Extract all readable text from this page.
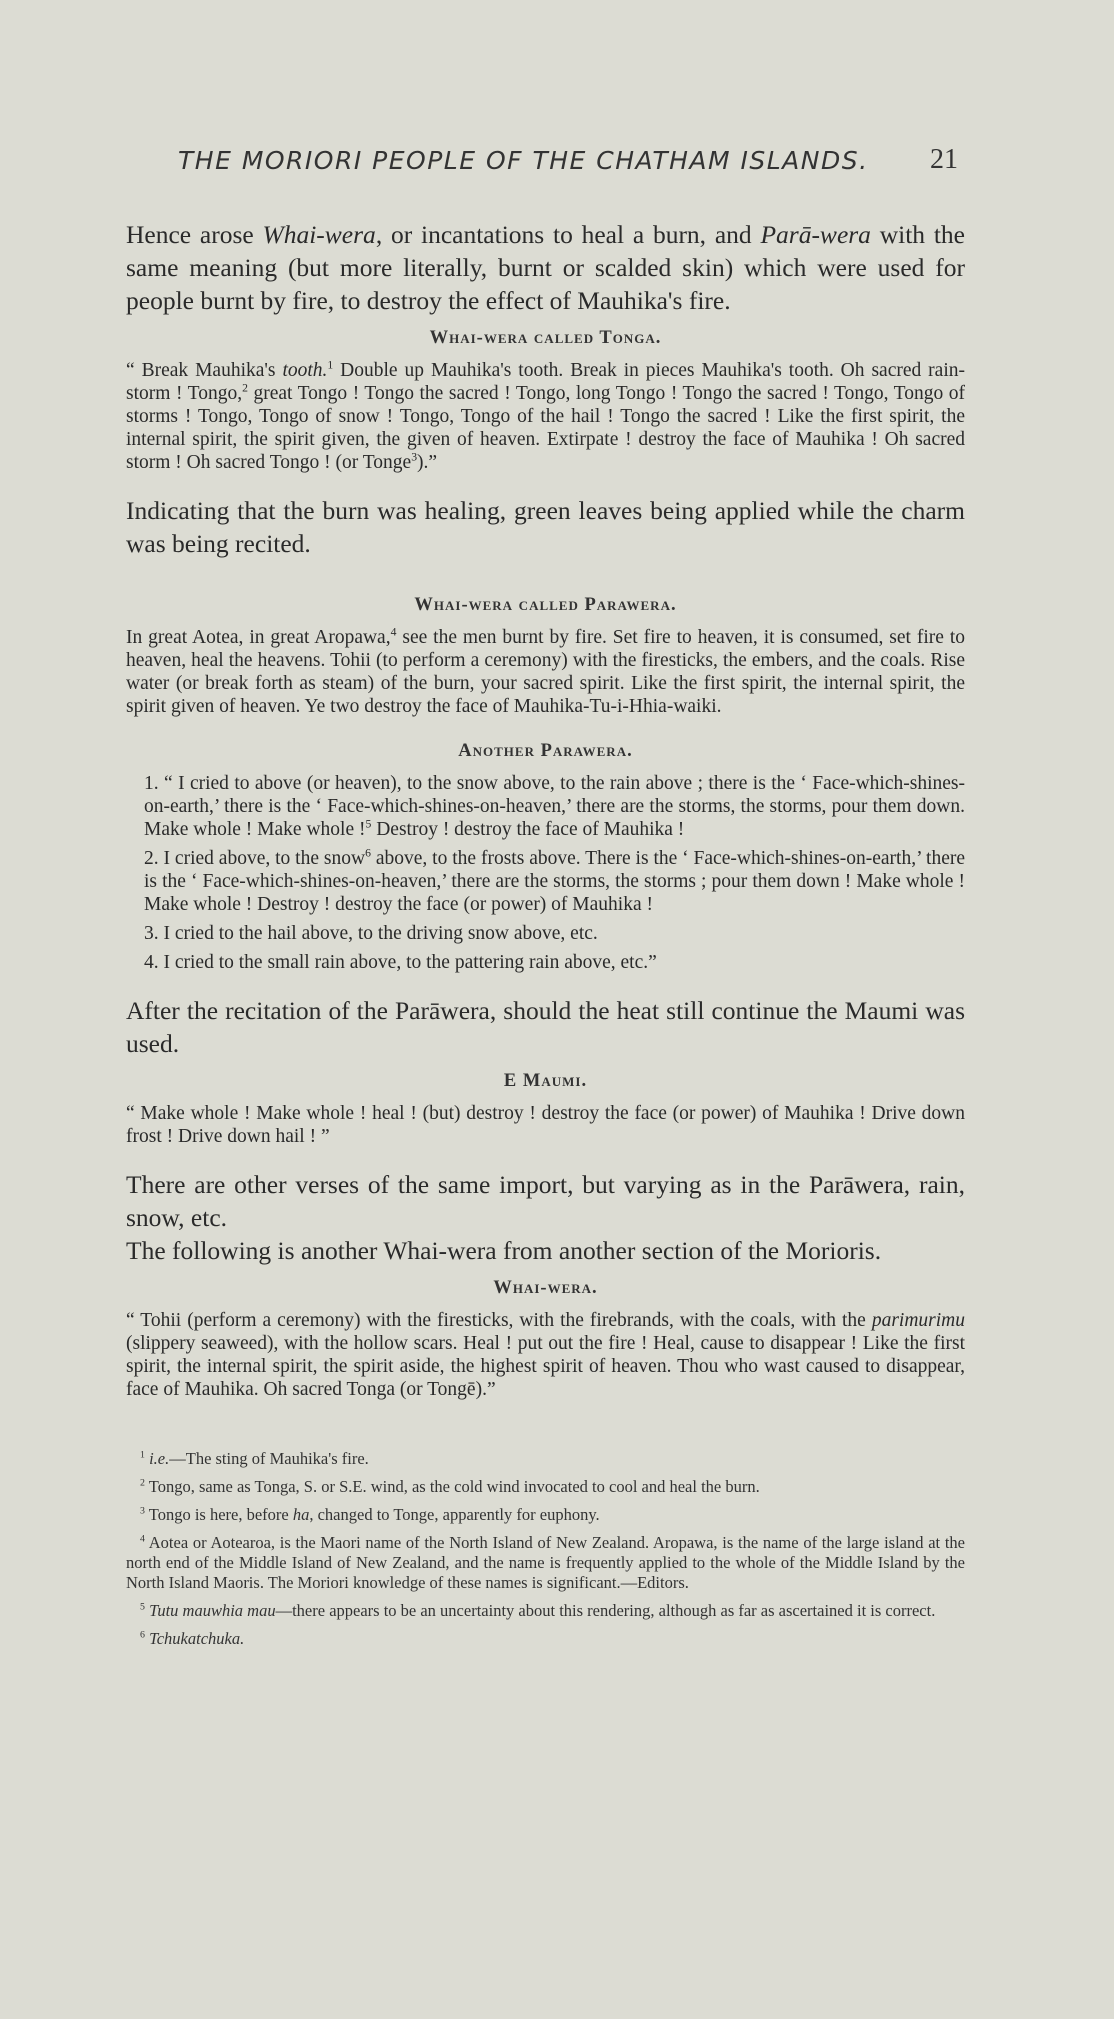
THE MORIORI PEOPLE OF THE CHATHAM ISLANDS. 21

Hence arose Whai-wera, or incantations to heal a burn, and Parā-wera with the same meaning (but more literally, burnt or scalded skin) which were used for people burnt by fire, to destroy the effect of Mauhika's fire.

Whai-wera called Tonga.

“ Break Mauhika's tooth.$^1$ Double up Mauhika's tooth. Break in pieces Mauhika's tooth. Oh sacred rain-storm ! Tongo,$^2$ great Tongo ! Tongo the sacred ! Tongo, long Tongo ! Tongo the sacred ! Tongo, Tongo of storms ! Tongo, Tongo of snow ! Tongo, Tongo of the hail ! Tongo the sacred ! Like the first spirit, the internal spirit, the spirit given, the given of heaven. Extirpate ! destroy the face of Mauhika ! Oh sacred storm ! Oh sacred Tongo ! (or Tonge$^3$).”

Indicating that the burn was healing, green leaves being applied while the charm was being recited.

Whai-wera called Parawera.

In great Aotea, in great Aropawa,$^4$ see the men burnt by fire. Set fire to heaven, it is consumed, set fire to heaven, heal the heavens. Tohii (to perform a ceremony) with the firesticks, the embers, and the coals. Rise water (or break forth as steam) of the burn, your sacred spirit. Like the first spirit, the internal spirit, the spirit given of heaven. Ye two destroy the face of Mauhika-Tu-i-Hhia-waiki.

Another Parawera.

1. “ I cried to above (or heaven), to the snow above, to the rain above ; there is the ‘ Face-which-shines-on-earth,’ there is the ‘ Face-which-shines-on-heaven,’ there are the storms, the storms, pour them down. Make whole ! Make whole !$^5$ Destroy ! destroy the face of Mauhika !

2. I cried above, to the snow$^6$ above, to the frosts above. There is the ‘ Face-which-shines-on-earth,’ there is the ‘ Face-which-shines-on-heaven,’ there are the storms, the storms ; pour them down ! Make whole ! Make whole ! Destroy ! destroy the face (or power) of Mauhika !

3. I cried to the hail above, to the driving snow above, etc.

4. I cried to the small rain above, to the pattering rain above, etc.”

After the recitation of the Parāwera, should the heat still continue the Maumi was used.

E Maumi.

“ Make whole ! Make whole ! heal ! (but) destroy ! destroy the face (or power) of Mauhika ! Drive down frost ! Drive down hail ! ”

There are other verses of the same import, but varying as in the Parāwera, rain, snow, etc.

The following is another Whai-wera from another section of the Morioris.

Whai-wera.

“ Tohii (perform a ceremony) with the firesticks, with the firebrands, with the coals, with the parimurimu (slippery seaweed), with the hollow scars. Heal ! put out the fire ! Heal, cause to disappear ! Like the first spirit, the internal spirit, the spirit aside, the highest spirit of heaven. Thou who wast caused to disappear, face of Mauhika. Oh sacred Tonga (or Tongē).”

$^1$ i.e.—The sting of Mauhika's fire.

$^2$ Tongo, same as Tonga, S. or S.E. wind, as the cold wind invocated to cool and heal the burn.

$^3$ Tongo is here, before ha, changed to Tonge, apparently for euphony.

$^4$ Aotea or Aotearoa, is the Maori name of the North Island of New Zealand. Aropawa, is the name of the large island at the north end of the Middle Island of New Zealand, and the name is frequently applied to the whole of the Middle Island by the North Island Maoris. The Moriori knowledge of these names is significant.—Editors.

$^5$ Tutu mauwhia mau—there appears to be an uncertainty about this rendering, although as far as ascertained it is correct.

$^6$ Tchukatchuka.
